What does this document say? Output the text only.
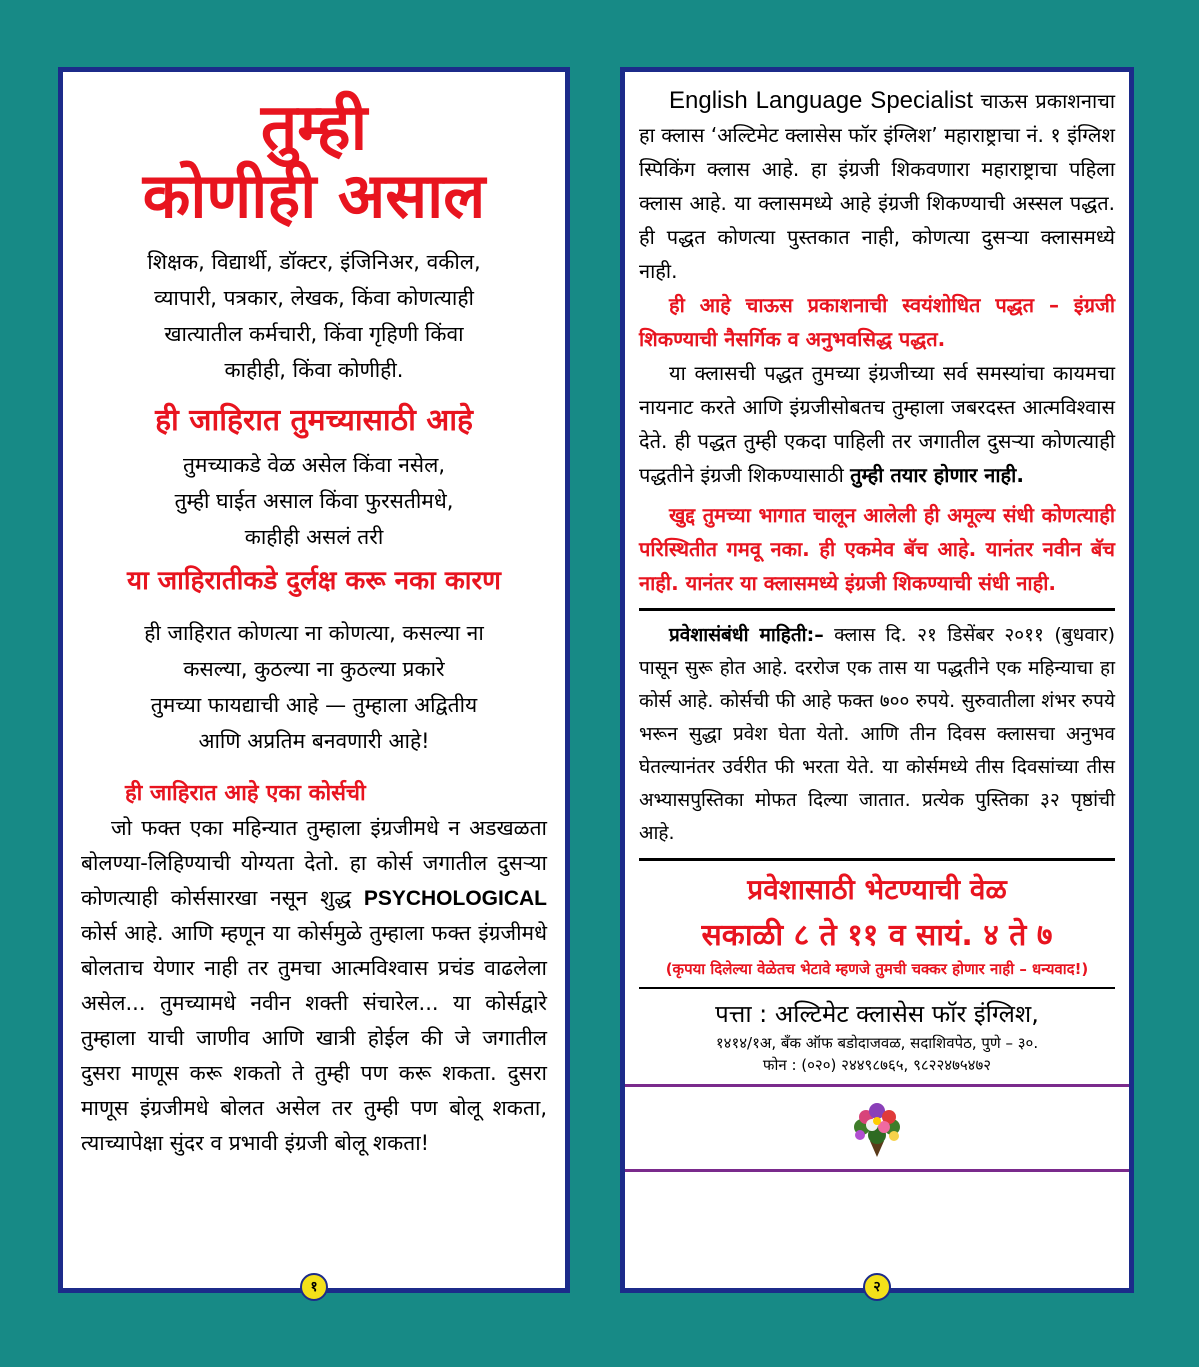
तुम्ही
कोणीही असाल

शिक्षक, विद्यार्थी, डॉक्टर, इंजिनिअर, वकील,

व्यापारी, पत्रकार, लेखक, किंवा कोणत्याही

खात्यातील कर्मचारी, किंवा गृहिणी किंवा

काहीही, किंवा कोणीही.

ही जाहिरात तुमच्यासाठी आहे

तुमच्याकडे वेळ असेल किंवा नसेल,

तुम्ही घाईत असाल किंवा फुरसतीमधे,

काहीही असलं तरी

या जाहिरातीकडे दुर्लक्ष करू नका कारण

ही जाहिरात कोणत्या ना कोणत्या, कसल्या ना

कसल्या, कुठल्या ना कुठल्या प्रकारे

तुमच्या फायद्याची आहे — तुम्हाला अद्वितीय

आणि अप्रतिम बनवणारी आहे!

ही जाहिरात आहे एका कोर्सची

जो फक्त एका महिन्यात तुम्हाला इंग्रजीमधे न अडखळता बोलण्या-लिहिण्याची योग्यता देतो. हा कोर्स जगातील दुसऱ्या कोणत्याही कोर्ससारखा नसून शुद्ध PSYCHOLOGICAL कोर्स आहे. आणि म्हणून या कोर्समुळे तुम्हाला फक्त इंग्रजीमधे बोलताच येणार नाही तर तुमचा आत्मविश्वास प्रचंड वाढलेला असेल... तुमच्यामधे नवीन शक्ती संचारेल... या कोर्सद्वारे तुम्हाला याची जाणीव आणि खात्री होईल की जे जगातील दुसरा माणूस करू शकतो ते तुम्ही पण करू शकता. दुसरा माणूस इंग्रजीमधे बोलत असेल तर तुम्ही पण बोलू शकता, त्याच्यापेक्षा सुंदर व प्रभावी इंग्रजी बोलू शकता!

१

English Language Specialist चाऊस प्रकाशनाचा हा क्लास ‘अल्टिमेट क्लासेस फॉर इंग्लिश’ महाराष्ट्राचा नं. १ इंग्लिश स्पिकिंग क्लास आहे. हा इंग्रजी शिकवणारा महाराष्ट्राचा पहिला क्लास आहे. या क्लासमध्ये आहे इंग्रजी शिकण्याची अस्सल पद्धत. ही पद्धत कोणत्या पुस्तकात नाही, कोणत्या दुसऱ्या क्लासमध्ये नाही.

ही आहे चाऊस प्रकाशनाची स्वयंशोधित पद्धत – इंग्रजी शिकण्याची नैसर्गिक व अनुभवसिद्ध पद्धत.

या क्लासची पद्धत तुमच्या इंग्रजीच्या सर्व समस्यांचा कायमचा नायनाट करते आणि इंग्रजीसोबतच तुम्हाला जबरदस्त आत्मविश्वास देते. ही पद्धत तुम्ही एकदा पाहिली तर जगातील दुसऱ्या कोणत्याही पद्धतीने इंग्रजी शिकण्यासाठी तुम्ही तयार होणार नाही.

खुद्द तुमच्या भागात चालून आलेली ही अमूल्य संधी कोणत्याही परिस्थितीत गमवू नका. ही एकमेव बॅच आहे. यानंतर नवीन बॅच नाही. यानंतर या क्लासमध्ये इंग्रजी शिकण्याची संधी नाही.

प्रवेशासंबंधी माहिती:– क्लास दि. २१ डिसेंबर २०११ (बुधवार) पासून सुरू होत आहे. दररोज एक तास या पद्धतीने एक महिन्याचा हा कोर्स आहे. कोर्सची फी आहे फक्त ७०० रुपये. सुरुवातीला शंभर रुपये भरून सुद्धा प्रवेश घेता येतो. आणि तीन दिवस क्लासचा अनुभव घेतल्यानंतर उर्वरीत फी भरता येते. या कोर्समध्ये तीस दिवसांच्या तीस अभ्यासपुस्तिका मोफत दिल्या जातात. प्रत्येक पुस्तिका ३२ पृष्ठांची आहे.

प्रवेशासाठी भेटण्याची वेळ
सकाळी ८ ते ११ व सायं. ४ ते ७
(कृपया दिलेल्या वेळेतच भेटावे म्हणजे तुमची चक्कर होणार नाही – धन्यवाद!)
पत्ता : अल्टिमेट क्लासेस फॉर इंग्लिश,

१४१४/१अ, बँक ऑफ बडोदाजवळ, सदाशिवपेठ, पुणे – ३०.

फोन : (०२०) २४४९८७६५, ९८२२४७५४७२

२
